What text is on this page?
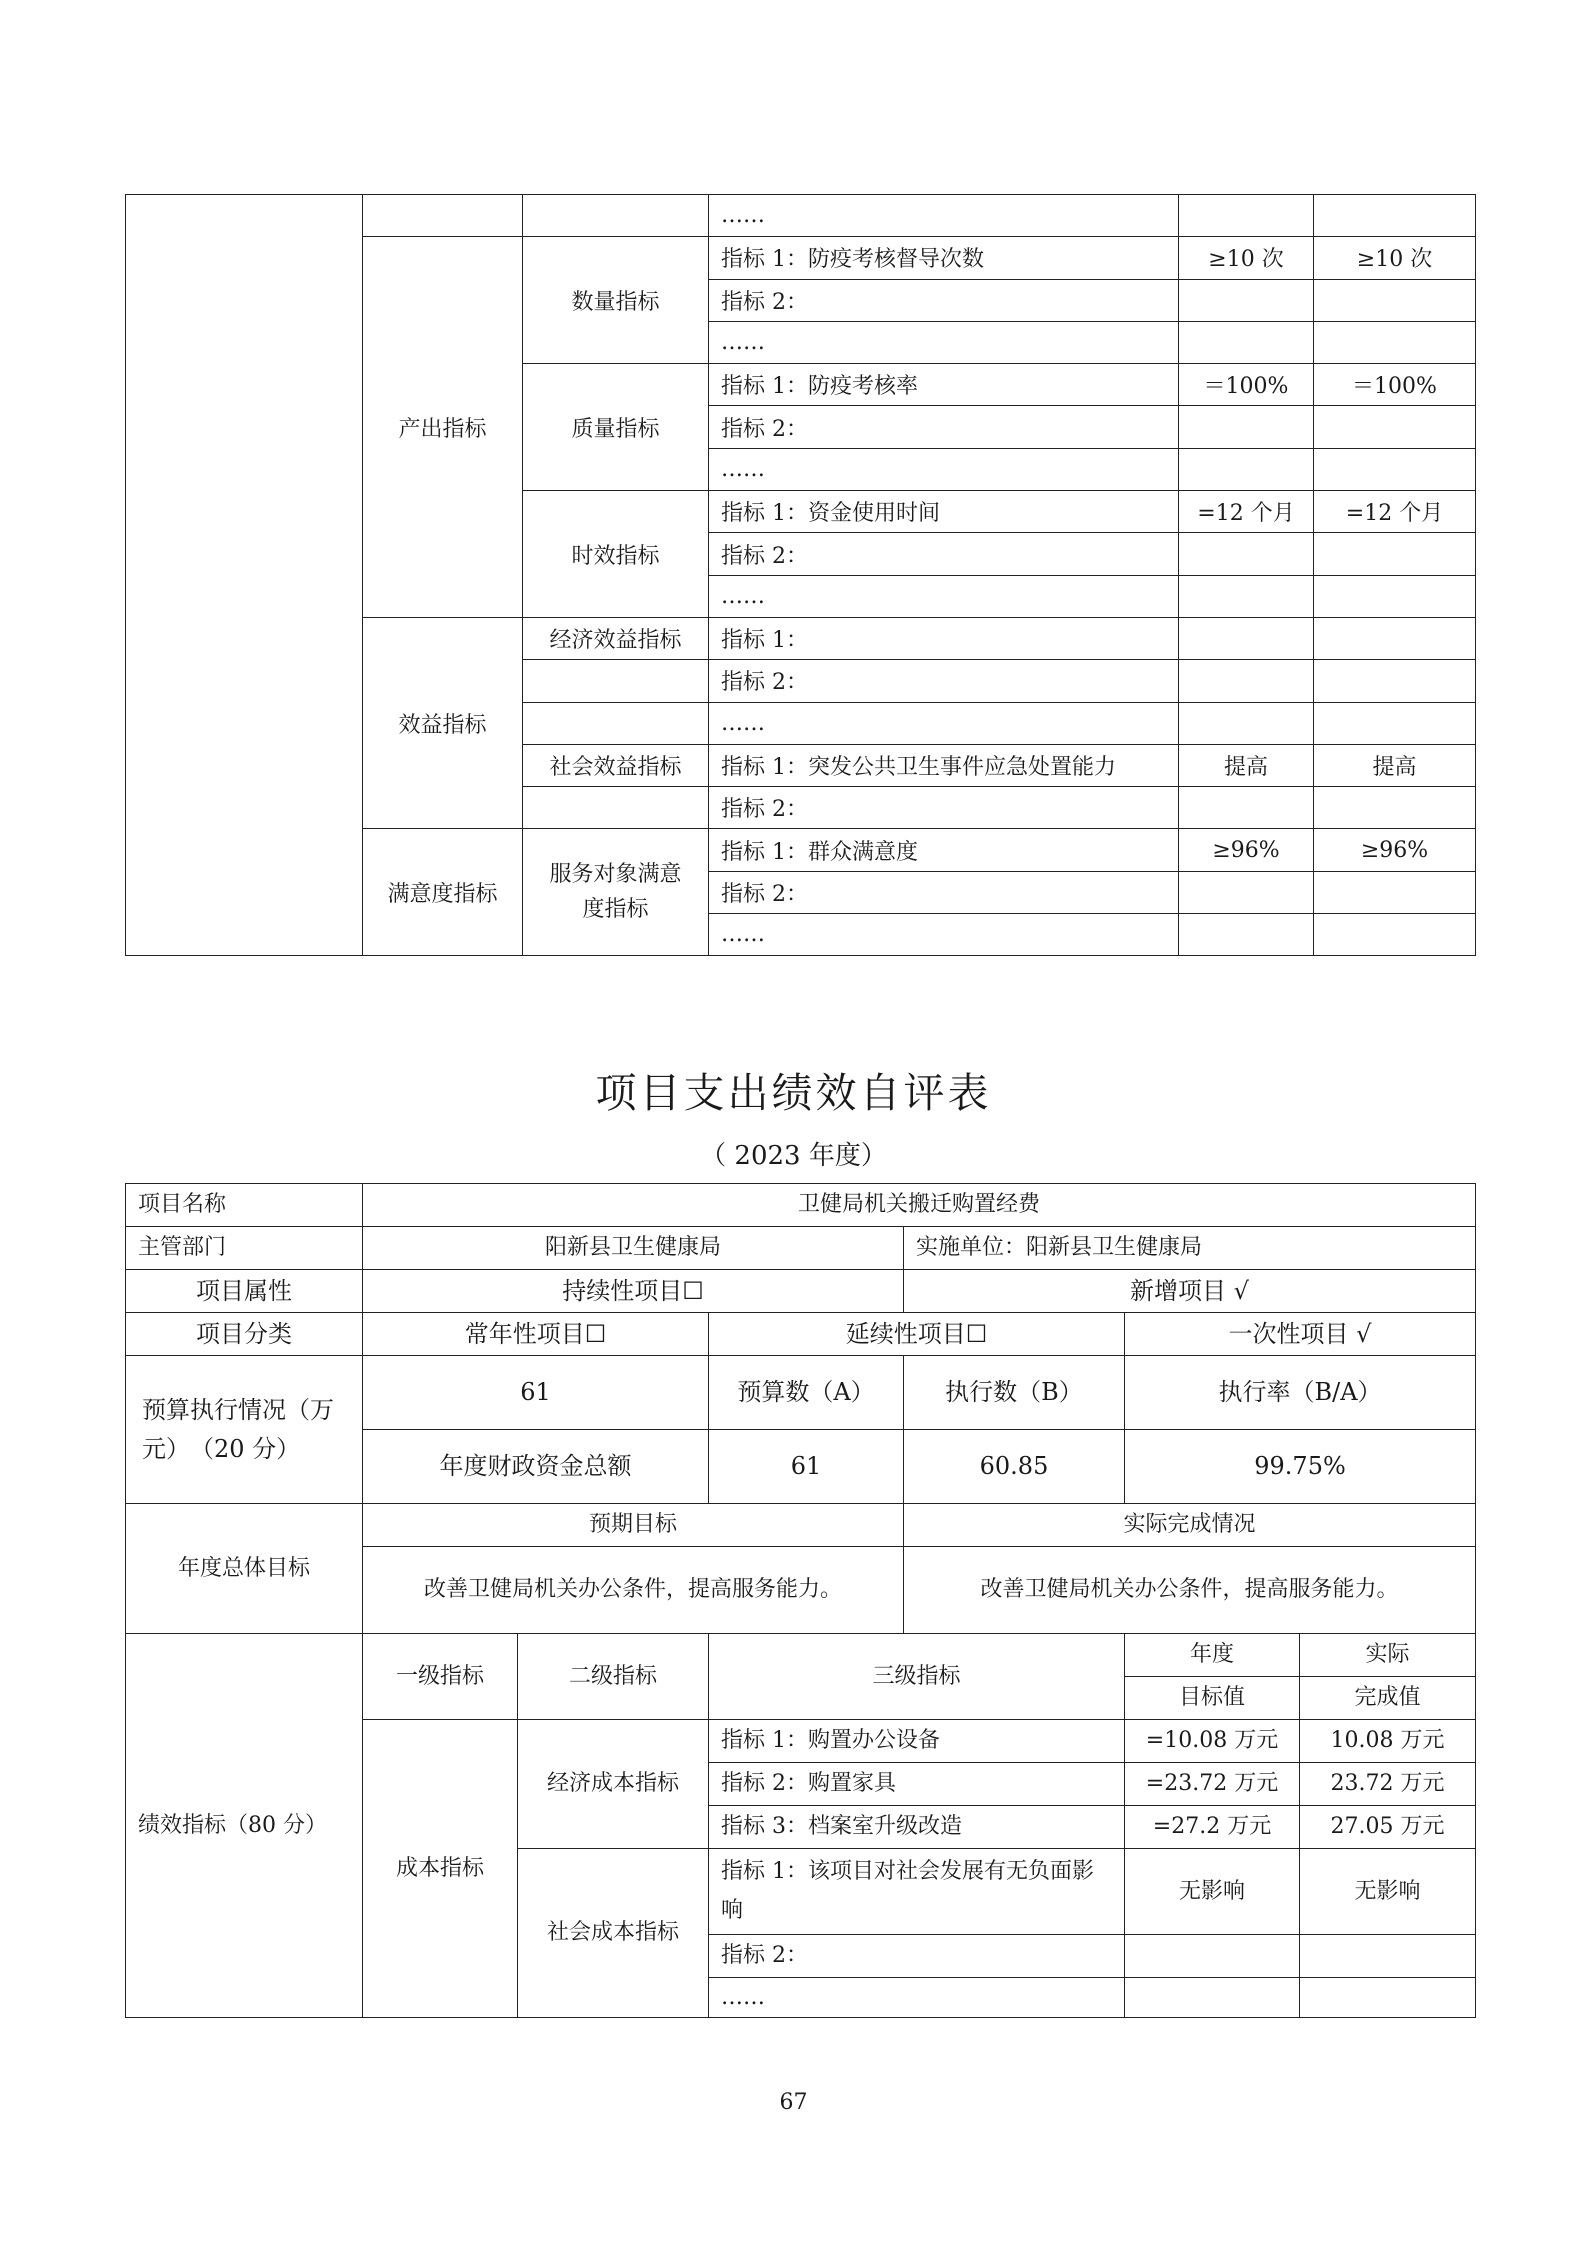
			……		
	产出指标	数量指标	指标 1：防疫考核督导次数	≥10 次	≥10 次
			指标 2：		
			……		
		质量指标	指标 1：防疫考核率	＝100%	＝100%
			指标 2：		
			……		
		时效指标	指标 1：资金使用时间	=12 个月	=12 个月
			指标 2：		
			……		
	效益指标	经济效益指标	指标 1：		
			指标 2：		
			……		
		社会效益指标	指标 1：突发公共卫生事件应急处置能力	提高	提高
			指标 2：		
	满意度指标	服务对象满意度指标	指标 1：群众满意度	≥96%	≥96%
			指标 2：		
			……		
项目支出绩效自评表
（ 2023 年度）
项目名称	卫健局机关搬迁购置经费					
主管部门	阳新县卫生健康局			实施单位：阳新县卫生健康局		
项目属性	持续性项目☐			新增项目 √		
项目分类	常年性项目☐		延续性项目☐		一次性项目 √	
预算执行情况（万元）　（20 分）	61		预算数（A）	执行数（B）	执行率（B/A）	
	年度财政资金总额		61	60.85	99.75%	
年度总体目标	预期目标			实际完成情况		
	改善卫健局机关办公条件，提高服务能力。			改善卫健局机关办公条件，提高服务能力。		
绩效指标（80 分）	一级指标	二级指标	三级指标		年度	实际
					目标值	完成值
	成本指标	经济成本指标	指标 1：购置办公设备		=10.08 万元	10.08 万元
			指标 2：购置家具		=23.72 万元	23.72 万元
			指标 3：档案室升级改造		=27.2 万元	27.05 万元
		社会成本指标	指标 1：该项目对社会发展有无负面影响		无影响	无影响
			指标 2：			
			……			
67
